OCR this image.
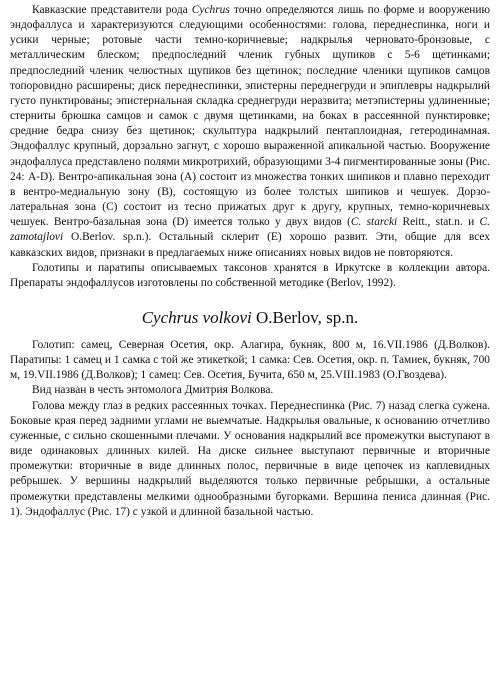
Кавказские представители рода Cychrus точно определяются лишь по форме и вооружению эндофаллуса и характеризуются следующими особенностями: голова, переднеспинка, ноги и усики черные; ротовые части темно-коричневые; надкрылья черновато-бронзовые, с металлическим блеском; предпоследний членик губных щупиков с 5-6 щетинками; предпоследний членик челюстных щупиков без щетинок; последние членики щупиков самцов топоровидно расширены; диск переднеспинки, эпистерны переднегруди и эпиплевры надкрылий густо пунктированы; эпистернальная складка среднегруди неразвита; метэпистерны удлиненные; стерниты брюшка самцов и самок с двумя щетинками, на боках в рассеянной пунктировке; средние бедра снизу без щетинок; скульптура надкрылий пентаплоидная, гетеродинамная. Эндофаллус крупный, дорзально загнут, с хорошо выраженной апикальной частью. Вооружение эндофаллуса представлено полями микротрихий, образующими 3-4 пигментированные зоны (Рис. 24: A-D). Вентро-апикальная зона (А) состоит из множества тонких шипиков и плавно переходит в вентро-медиальную зону (В), состоящую из более толстых шипиков и чешуек. Дорзо-латеральная зона (С) состоит из тесно прижатых друг к другу, крупных, темно-коричневых чешуек. Вентро-базальная зона (D) имеется только у двух видов (C. starcki Reitt., stat.n. и C. zamotajlovi O.Berlov. sp.n.). Остальный склерит (Е) хорошо развит. Эти, общие для всех кавказских видов, признаки в предлагаемых ниже описаниях новых видов не повторяются.

Голотипы и паратипы описываемых таксонов хранятся в Иркутске в коллекции автора. Препараты эндофаллусов изготовлены по собственной методике (Berlov, 1992).

Cychrus volkovi O.Berlov, sp.n.

Голотип: самец, Северная Осетия, окр. Алагира, букняк, 800 м, 16.VII.1986 (Д.Волков). Паратипы: 1 самец и 1 самка с той же этикеткой; 1 самка: Сев. Осетия, окр. п. Тамиек, букняк, 700 м, 19.VII.1986 (Д.Волков); 1 самец: Сев. Осетия, Бучита, 650 м, 25.VIII.1983 (О.Гвоздева).

Вид назван в честь энтомолога Дмитрия Волкова.

Голова между глаз в редких рассеянных точках. Переднеспинка (Рис. 7) назад слегка сужена. Боковые края перед задними углами не выемчатые. Надкрылья овальные, к основанию отчетливо суженные, с сильно скошенными плечами. У основания надкрылий все промежутки выступают в виде одинаковых длинных килей. На диске сильнее выступают первичные и вторичные промежутки: вторичные в виде длинных полос, первичные в виде цепочек из каплевидных ребрышек. У вершины надкрылий выделяются только первичные ребрышки, а остальные промежутки представлены мелкими однообразными бугорками. Вершина пениса длинная (Рис. 1). Эндофаллус (Рис. 17) с узкой и длинной базальной частью.
